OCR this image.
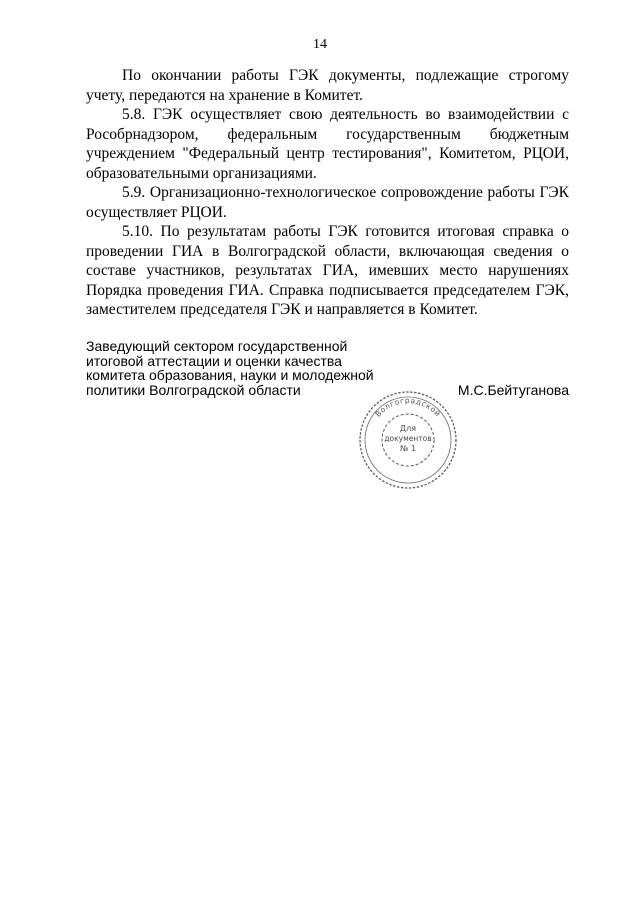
14

По окончании работы ГЭК документы, подлежащие строгому учету, передаются на хранение в Комитет.

5.8. ГЭК осуществляет свою деятельность во взаимодействии с Рособрнадзором, федеральным государственным бюджетным учреждением "Федеральный центр тестирования", Комитетом, РЦОИ, образовательными организациями.

5.9. Организационно-технологическое сопровождение работы ГЭК осуществляет РЦОИ.

5.10. По результатам работы ГЭК готовится итоговая справка о проведении ГИА в Волгоградской области, включающая сведения о составе участников, результатах ГИА, имевших место нарушениях Порядка проведения ГИА. Справка подписывается председателем ГЭК, заместителем председателя ГЭК и направляется в Комитет.

Заведующий сектором государственной
итоговой аттестации и оценки качества
комитета образования, науки и молодежной
политики Волгоградской области	М.С.Бейтуганова
Волгоградской
Для
документов
№ 1
